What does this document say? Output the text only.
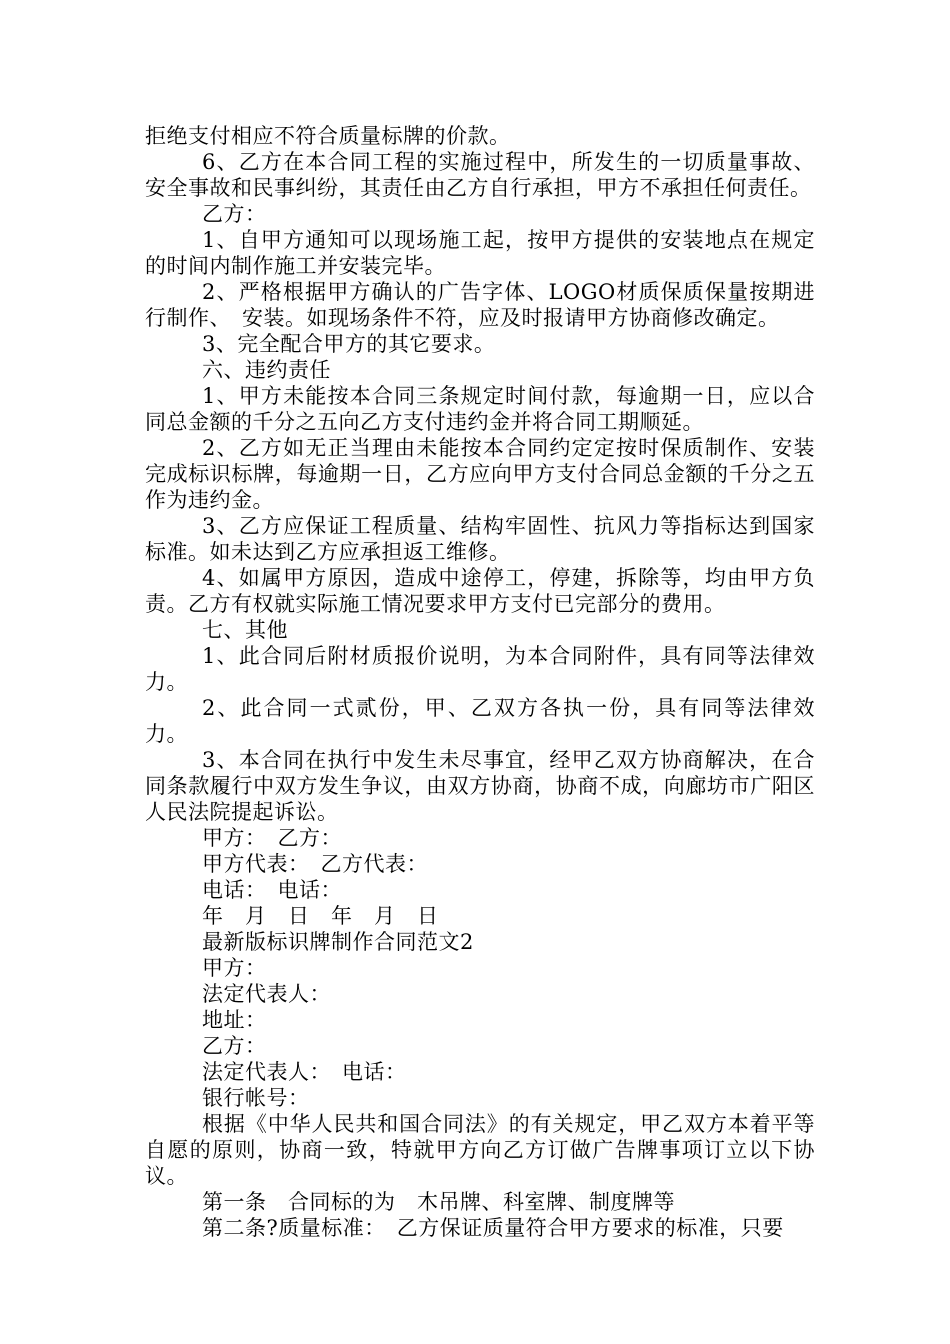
拒绝支付相应不符合质量标牌的价款。

6、乙方在本合同工程的实施过程中，所发生的一切质量事故、安全事故和民事纠纷，其责任由乙方自行承担，甲方不承担任何责任。

乙方：

1、自甲方通知可以现场施工起，按甲方提供的安装地点在规定的时间内制作施工并安装完毕。

2、严格根据甲方确认的广告字体、LOGO材质保质保量按期进行制作、　安装。如现场条件不符，应及时报请甲方协商修改确定。

3、完全配合甲方的其它要求。

六、违约责任

1、甲方未能按本合同三条规定时间付款，每逾期一日，应以合同总金额的千分之五向乙方支付违约金并将合同工期顺延。

2、乙方如无正当理由未能按本合同约定定按时保质制作、安装完成标识标牌，每逾期一日，乙方应向甲方支付合同总金额的千分之五作为违约金。

3、乙方应保证工程质量、结构牢固性、抗风力等指标达到国家标准。如未达到乙方应承担返工维修。

4、如属甲方原因，造成中途停工，停建，拆除等，均由甲方负责。乙方有权就实际施工情况要求甲方支付已完部分的费用。

七、其他

1、此合同后附材质报价说明，为本合同附件，具有同等法律效力。

2、此合同一式贰份，甲、乙双方各执一份，具有同等法律效力。

3、本合同在执行中发生未尽事宜，经甲乙双方协商解决，在合同条款履行中双方发生争议，由双方协商，协商不成，向廊坊市广阳区人民法院提起诉讼。

甲方：　乙方：

甲方代表：　乙方代表：

电话：　电话：

年　月　日　年　月　日

最新版标识牌制作合同范文2

甲方：

法定代表人：

地址：

乙方：

法定代表人：　电话：

银行帐号：

根据《中华人民共和国合同法》的有关规定，甲乙双方本着平等自愿的原则，协商一致，特就甲方向乙方订做广告牌事项订立以下协议。

第一条　合同标的为　木吊牌、科室牌、制度牌等

第二条?质量标准：　乙方保证质量符合甲方要求的标准，只要
